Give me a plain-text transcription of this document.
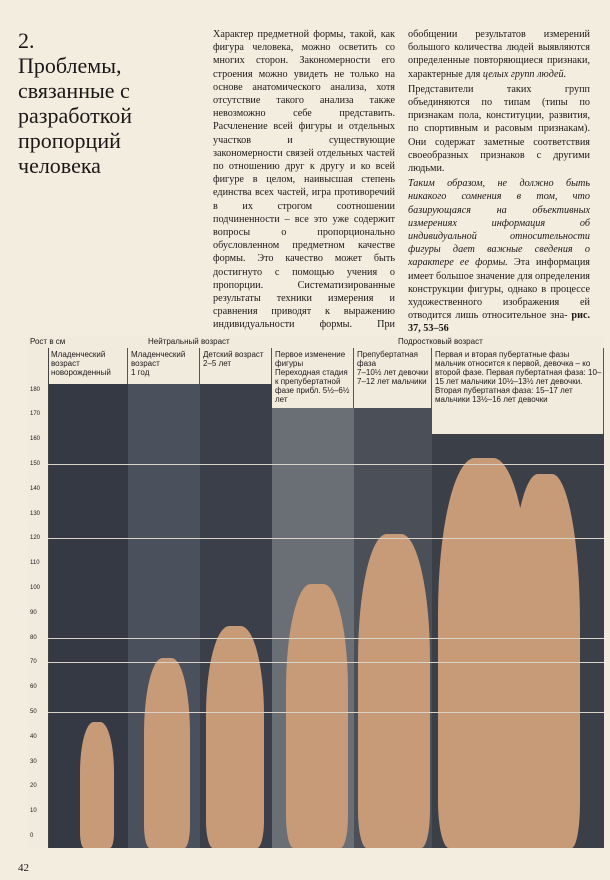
2.
Проблемы, связанные с разработкой пропорций человека

Характер предметной формы, такой, как фигура человека, можно осветить со многих сторон. Закономерности его строения можно увидеть не только на основе анатомического анализа, хотя отсутствие такого анализа также невозможно себе представить. Расчленение всей фигуры и отдельных участков и существующие закономерности связей отдельных частей по отношению друг к другу и ко всей фигуре в целом, наивысшая степень единства всех частей, игра противоречий в их строгом соотношении подчиненности – все это уже содержит вопросы о пропорционально обусловленном предметном качестве формы. Это качество может быть достигнуто с помощью учения о пропорции. Систематизированные результаты техники измерения и сравнения приводят к выражению индивидуальности формы. При

обобщении результатов измерений большого количества людей выявляются определенные повторяющиеся признаки, характерные для целых групп людей.

Представители таких групп объединяются по типам (типы по признакам пола, конституции, развития, по спортивным и расовым признакам). Они содержат заметные соответствия своеобразных признаков с другими людьми.

Таким образом, не должно быть никакого сомнения в том, что базирующаяся на объективных измерениях информация об индивидуальной относительности фигуры дает важные сведения о характере ее формы. Эта информация имеет большое значение для определения конструкции фигуры, однако в процессе художественного изображения ей отводится лишь относительное зна- рис. 37, 53–56

Рост в см	Нейтральный возраст	Подростковый возраст
Младенческий возраст
новорожденный
Младенческий возраст
1 год
Детский возраст
2–5 лет
Первое изменение фигуры
Переходная стадия к препубертатной фазе прибл. 5½–6½ лет
Препубертатная фаза
7–10½ лет девочки 7–12 лет мальчики
Первая и вторая пубертатные фазы
мальчик относится к первой, девочка – ко второй фазе. Первая пубертатная фаза: 10–15 лет мальчики 10½–13½ лет девочки. Вторая пубертатная фаза: 15–17 лет мальчики 13½–16 лет девочки
180
170
160
150
140
130
120
110
100
90
80
70
60
50
40
30
20
10
0
42
